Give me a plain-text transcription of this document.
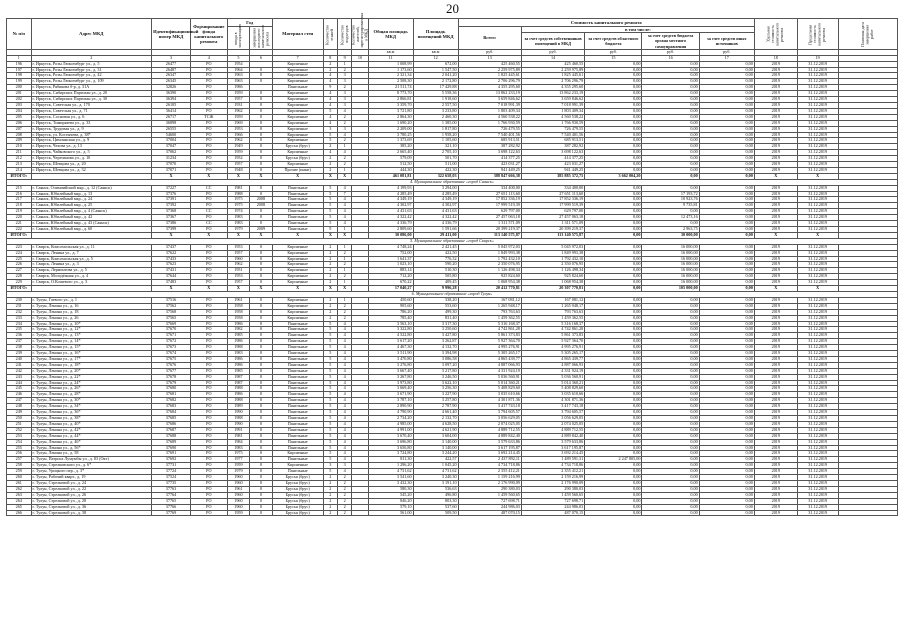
20
№ п/п	Адрес МКД	Идентификационный номер МКД	Формирование фонда капитального ремонта	Год		Материал стен	Количество этажей	Количество подъездов	Количество жителей, зарегистрированных в МКД	Общая площадь МКД	Площадь помещений МКД	Стоимость капитального ремонта					Удельная стоимость капитального ремонта	Предельная стоимость капитального ремонта	Плановая дата завершения работ
				ввода в эксплуатацию	завершения последнего капитального ремонта							Всего:	в том числе:						
													за счет средств собственников помещений в МКД	за счет средств областного бюджета	за счет средств бюджета органа местного самоуправления	за счет средств иных источников			
										кв.м	кв.м	руб.	руб.	руб.	руб.	руб.			
1	2	3	4	5	6	7	8	9	10	11	12	13	14	15	16	17	18	19	
196	г. Иркутск, Розы Люксембург ул., д. 5	26477	РО	1954		Кирпичные	2	1		1 008,99	672,00	425 460,55	425 460,55	0,00	0,00	0,00	2019	31.12.2019	
197	г. Иркутск, Розы Люксембург ул., д. 31	26487	РО	1964	0	Кирпичные	2	2		1 173,60	1 547,50	2 259 975,89	2 259 975,89	0,00	0,00	0,00	2019	31.12.2019	
198	г. Иркутск, Розы Люксембург ул., д. 42	26347	РО	1963	0	Кирпичные	4	3		2 321,34	2 041,20	1 825 445,61	1 825 445,61	0,00	0,00	0,00	2019	31.12.2019	
199	г. Иркутск, Розы Люксембург ул., д. 109	26345	РО	1963	0	Кирпичные	4	3		2 508,30	2 172,80	2 706 296,79	2 706 296,79	0,00	0,00	0,00	2019	31.12.2019	
200	г. Иркутск, Рябикова б-р, д. 31А	32826	РО	1986		Панельные	9	2		21 511,74	17 429,88	4 355 295,60	4 355 295,60	0,00	0,00	0,00	2019	31.12.2019	
201	г. Иркутск, Сибирских Партизан ул., д. 20	36390	РО	1959	0	Кирпичные	4	3		8 773,70	5 558,36	13 862 233,19	13 862 233,19	0,00	0,00	0,00	2019	31.12.2019	
202	г. Иркутск, Сибирских Партизан ул., д. 30	36394	РО	1957	0	Кирпичные	4	3		2 866,81	1 918,60	3 659 846,62	3 659 846,62	0,00	0,00	0,00	2019	31.12.2019	
203	г. Иркутск, Советская ул., д. 170	26105	РО	1931	0	Кирпичные	4	3		3 359,70	2 557,50	7 018 991,39	7 018 991,39	0,00	0,00	0,00	2019	31.12.2019	
204	г. Иркутск, Советская ул., д. 71	36414	РО	1962	0	Кирпичные	5	4		3 721,80	3 233,80	1 803 409,34	1 803 409,34	0,00	0,00	0,00	2019	31.12.2019	
205	г. Иркутск, Сосновая ул., д. 6	26717	ТСЖ	1959	0	Кирпичные	4	2		2 864,30	2 460,30	4 560 538,22	4 560 538,22	0,00	0,00	0,00	2019	31.12.2019	
206	г. Иркутск, Тимирязева ул., д. 33	36898	РО	1969	0	Кирпичные	4	2		1 690,20	1 385,00	1 766 930,59	1 766 930,59	0,00	0,00	0,00	2019	31.12.2019	
207	г. Иркутск, Трудовая ул., д. 9	26555	РО	1953	0	Кирпичные	3	3		2 209,00	1 817,80	726 479,55	726 479,55	0,00	0,00	0,00	2019	31.12.2019	
208	г. Иркутск, ул. Костычева, д. 38*	54600	РО	1966	0	Кирпичные	5	4		3 780,25	1 958,20	7 540 401,56	7 540 401,56	0,00	0,00	0,00	2019	31.12.2019	
209	г. Иркутск, Цимлянская ул., д. 9	37004	РО	1962	0	Кирпичные	5	2		1 373,69	1 105,60	685 913,51	685 913,51	0,00	0,00	0,00	2019	31.12.2019	
210	г. Иркутск, Чехова ул., д. 13	37047	РО	1949	0	Брусья (брус)	2	1		385,20	321,10	387 282,92	387 282,92	0,00	0,00	0,00	2019	31.12.2019	
211	г. Иркутск, Чайковского ул., д. 5	37062	РО	1959	0	Кирпичные	4	4		2 665,40	2 705,10	3 698 122,63	3 698 122,63	0,00	0,00	0,00	2019	31.12.2019	
212	г. Иркутск, Черепанова ул., д. 10	31234	РО	1952	0	Брусья (брус)	2	2		579,09	501,70	414 377,25	414 377,25	0,00	0,00	0,00	2019	31.12.2019	
213	г. Иркутск, Шевцова ул., д. 20	37070	РО	1957	0	Кирпичные	2	2		512,50	511,00	423 031,27	423 031,27	0,00	0,00	0,00	2019	31.12.2019	
214	г. Иркутск, Шевцова ул., д. 32	37071	РО	1948	0	Прочие (иные)	2	1		444,30	422,30	941 449,25	941 449,25	0,00	0,00	0,00	2019	31.12.2019	
ИТОГО:		X	X	X	X	X	X	X		461 081,81	322 658,03	388 847 666,38	385 885 372,75	3 662 004,20	0,00	0,00	X	X	
4. Муниципальное образование «город Саянск»																			
215	г. Саянск, Олимпийский мкр., д. 12 (Саянск)	37227	СС	1981	0	Панельные	5	4		4 199,93	3 294,00	334 400,00	334 400,00	0,00	0,00	0,00	2019	31.12.2019	
216	г. Саянск, Юбилейный мкр., д. 13	37376	РО	1988	0	Панельные	5	7		4 285,49	4 285,49	27 651 113,60	27 651 113,60	0,00	17 193,72	0,00	2019	31.12.2019	
217	г. Саянск, Юбилейный мкр., д. 24	37391	РО	1975	2008	Панельные	5	4		4 349,19	4 349,19	17 852 336,19	17 852 336,19	0,00	10 923,76	0,00	2019	31.12.2019	
218	г. Саянск, Юбилейный мкр., д. 25	37392	РО	1975	2008	Панельные	5	4		4 302,97	4 302,97	17 999 519,39	17 999 519,39	0,00	9 735,81	0,00	2019	31.12.2019	
219	г. Саянск, Юбилейный мкр., д. 4 (Саянск)	37368	СС	1974	0	Панельные	5	4		4 431,63	4 431,63	629 797,00	629 797,00	0,00	0,00	0,00	2019	31.12.2019	
220	г. Саянск, Юбилейный мкр., д. 42	37367	РО	1983	0	Панельные	5	4		4 322,42	4 322,42	27 457 063,18	27 457 063,18	0,00	12 473,16	0,00	2019	31.12.2019	
221	г. Саянск, Юбилейный мкр., д. 43 (Саянск)	37386	СС	1983	0	Панельные	5	4		4 336,79	4 336,79	1 311 571,09	1 311 571,09	0,00	0,00	0,00	2019	31.12.2019	
222	г. Саянск, Юбилейный мкр., д. 60	37399	РО	1979	2009	Панельные	9	1		2 809,60	1 591,66	20 399 219,37	20 399 219,37	0,00	2 963,75	0,00	2019	31.12.2019	
ИТОГО:		X	X	X	X	X	X	X		30 086,00	29 411,00	113 140 575,87	113 140 575,87	0,00	30 000,00	0,00	X	X	
5. Муниципальное образование «город Свирск»																			
223	г. Свирск, Комсомольская ул., д. 11	37437	РО	1953	0	Кирпичные	2	1		4 748,24	2 421,45	5 045 972,03	5 045 972,03	0,00	16 000,00	0,00	2019	31.12.2019	
224	г. Свирск, Ленина ул., д. 7	37622	РО	1957	0	Кирпичные	2	2		752,00	422,50	1 849 993,38	1 849 993,38	0,00	16 000,00	0,00	2019	31.12.2019	
225	г. Свирск, Комсомольская ул., д. 5	37433	РО	1960	0	Кирпичные	2	1		1 641,37	776,32	1 792 432,10	1 792 432,10	0,00	16 000,00	0,00	2019	31.12.2019	
226	г. Свирск, Ленина ул., д. 3	37623	РО	1962	0	Кирпичные	2	2		1 023,10	590,20	2 350 076,95	2 350 076,95	0,00	16 000,00	0,00	2019	31.12.2019	
227	г. Свирск, Лермонтова ул., д. 5	37431	РО	1951	0	Кирпичные	2	1		883,14	510,30	1 126 498,34	1 126 498,34	0,00	16 000,00	0,00	2019	31.12.2019	
228	г. Свирск, Молодёжная ул., д. 4	37644	РО	1953	0	Кирпичные	2	2		712,20	505,80	925 824,60	925 824,60	0,00	16 000,00	0,00	2019	31.12.2019	
229	г. Свирск, О.Кошевого ул., д. 3	37483	РО	1957	0	Кирпичные	2	1		670,22	409,45	1 068 954,38	1 068 954,38	0,00	16 000,00	0,00	2019	31.12.2019	
ИТОГО:		X	X	X	X	X	X	X		17 040,27	9 996,28	20 412 770,81	20 307 770,81	0,00	105 000,00	0,00	X	X	
6. Муниципальное образование «город Тулун»																			
230	г. Тулун, Гаевого ул., д. 1	37516	РО	1961	0	Кирпичные	2	1		450,60	338,20	167 081,12	167 081,12	0,00	0,00	0,00	2019	31.12.2019	
231	г. Тулун, Ленина ул., д. 16	37562	РО	1958	0	Кирпичные	2	2		905,60	553,60	1 265 948,17	1 265 948,17	0,00	0,00	0,00	2019	31.12.2019	
232	г. Тулун, Ленина ул., д. 18	37568	РО	1958	0	Кирпичные	2	2		786,20	499,30	793 763,63	793 763,63	0,00	0,00	0,00	2019	31.12.2019	
233	г. Тулун, Ленина ул., д. 26	37565	РО	1958	0	Кирпичные	2	2		785,40	831,40	1 459 362,55	1 459 362,55	0,00	0,00	0,00	2019	31.12.2019	
234	г. Тулун, Ленина ул., д. 10*	37669	РО	1986	0	Панельные	5	4		3 563,10	3 317,30	5 316 168,37	5 316 168,37	0,00	0,00	0,00	2019	31.12.2019	
235	г. Тулун, Ленина ул., д. 12*	37670	РО	1982	0	Панельные	5	4		3 322,80	3 250,60	4 742 861,28	4 742 861,28	0,00	0,00	0,00	2019	31.12.2019	
236	г. Тулун, Ленина ул., д. 13*	37671	РО	1985	0	Панельные	5	4		4 522,80	3 427,80	5 861 373,83	5 861 373,83	0,00	0,00	0,00	2019	31.12.2019	
237	г. Тулун, Ленина ул., д. 14*	37672	РО	1986	0	Панельные	5	4		3 617,20	3 262,87	5 927 364,70	5 927 364,70	0,00	0,00	0,00	2019	31.12.2019	
238	г. Тулун, Ленина ул., д. 15*	37673	РО	1988	0	Панельные	5	4		4 467,30	4 132,70	4 995 276,91	4 995 276,91	0,00	0,00	0,00	2019	31.12.2019	
239	г. Тулун, Ленина ул., д. 16*	37674	РО	1983	0	Панельные	5	4		3 511,90	3 394,98	5 305 265,17	5 305 265,17	0,00	0,00	0,00	2019	31.12.2019	
240	г. Тулун, Ленина ул., д. 17*	37675	РО	1986	0	Панельные	5	4		3 470,80	3 086,58	4 865 439,77	4 865 439,77	0,00	0,00	0,00	2019	31.12.2019	
241	г. Тулун, Ленина ул., д. 18*	37676	РО	1986	0	Панельные	5	4		3 276,80	3 097,20	4 887 066,93	4 887 066,93	0,00	0,00	0,00	2019	31.12.2019	
242	г. Тулун, Ленина ул., д. 20*	37677	РО	1985	0	Панельные	5	4		3 667,40	3 217,80	4 331 924,19	4 331 924,19	0,00	0,00	0,00	2019	31.12.2019	
243	г. Тулун, Ленина ул., д. 22*	37678	РО	1987	0	Панельные	5	4		3 267,80	3 246,50	5 036 560,91	5 036 560,91	0,00	0,00	0,00	2019	31.12.2019	
244	г. Тулун, Ленина ул., д. 24*	37679	РО	1987	0	Панельные	5	4		3 973,80	3 622,10	5 014 360,21	5 014 360,21	0,00	0,00	0,00	2019	31.12.2019	
245	г. Тулун, Ленина ул., д. 26*	37680	РО	1988	0	Панельные	5	4		3 669,40	3 256,30	5 408 829,60	5 408 829,60	0,00	0,00	0,00	2019	31.12.2019	
246	г. Тулун, Ленина ул., д. 28*	37681	РО	1986	0	Панельные	5	4		3 671,90	3 227,90	3 035 610,66	3 035 610,66	0,00	0,00	0,00	2019	31.12.2019	
247	г. Тулун, Ленина ул., д. 30*	37682	РО	1988	0	Панельные	5	4		3 787,10	3 257,80	4 301 871,36	4 301 871,36	0,00	0,00	0,00	2019	31.12.2019	
248	г. Тулун, Ленина ул., д. 34*	37683	РО	1989	0	Панельные	5	4		2 890,90	2 787,90	3 417 743,18	3 417 743,18	0,00	0,00	0,00	2019	31.12.2019	
249	г. Тулун, Ленина ул., д. 36*	37684	РО	1990	0	Панельные	5	4		4 790,90	4 661,40	3 794 605,57	3 794 605,57	0,00	0,00	0,00	2019	31.12.2019	
250	г. Тулун, Ленина ул., д. 38*	37685	РО	1988	0	Панельные	5	4		2 734,20	2 132,70	3 056 629,05	3 056 629,05	0,00	0,00	0,00	2019	31.12.2019	
251	г. Тулун, Ленина ул., д. 40*	37686	РО	1990	0	Панельные	5	4		4 985,00	4 628,50	2 074 025,05	2 074 025,05	0,00	0,00	0,00	2019	31.12.2019	
252	г. Тулун, Ленина ул., д. 42*	37687	РО	1991	0	Панельные	5	4		4 991,00	4 621,90	4 889 712,55	4 889 712,55	0,00	0,00	0,00	2019	31.12.2019	
253	г. Тулун, Ленина ул., д. 44*	37688	РО	1981	0	Панельные	5	4		3 670,40	3 604,00	4 889 842,40	4 889 842,40	0,00	0,00	0,00	2019	31.12.2019	
254	г. Тулун, Ленина ул., д. 46*	37689	РО	1984	0	Панельные	5	4		3 696,80	3 140,00	3 579 633,86	3 579 633,86	0,00	0,00	0,00	2019	31.12.2019	
255	г. Тулун, Ленина ул., д. 56*	37690	РО	1983	0	Панельные	5	4		3 656,80	3 140,00	3 617 195,87	3 617 195,87	0,00	0,00	0,00	2019	31.12.2019	
256	г. Тулун, Ленина ул., д. 58	37691	РО	1975	0	Кирпичные	5	4		3 724,80	3 244,20	3 692 214,45	3 692 214,45	0,00	0,00	0,00	2019	31.12.2019	
257	г. Тулун, Патриса Лумумбы ул., д. 83 (Окт)	37692	РО	1977	0	Панельные	5	4		811,30	422,57	2 437 892,11	1 489 591,31	2 247 805,00	0,00	0,00	2019	31.12.2019	
258	г. Тулун, Стрелковского ул., д. 6*	37731	РО	1959	0	Кирпичные	3	3		1 296,20	1 045,20	4 734 718,86	4 734 718,86	0,00	0,00	0,00	2019	31.12.2019	
259	г. Тулун, Урицкого пер., д. 3*	37724	РО	1979	0	Панельные	5	4		4 731,62	4 731,62	2 355 412,21	2 355 412,21	0,00	0,00	0,00	2019	31.12.2019	
260	г. Тулун, Рабочий кварт., д. 19	37524	РО	1960	0	Брусья (брус)	2	2		3 541,60	3 240,30	1 159 216,99	2 159 216,99	0,00	0,00	0,00	2019	31.12.2019	
261	г. Тулун, Стрелковой ул., д. 24	37735	РО	1960	0	Брусья (брус)	2	2		3 432,30	3 191,10	2 176 990,09	2 176 990,09	0,00	0,00	0,00	2019	31.12.2019	
262	г. Тулун, Стрелковой ул., д. 22	37763	РО	1961	0	Брусья (брус)	2	2		580,30	536,63	290 380,03	290 380,03	0,00	0,00	0,00	2019	31.12.2019	
263	г. Тулун, Стрелковой ул., д. 26	37764	РО	1960	0	Брусья (брус)	2	2		545,20	496,80	1 459 560,65	1 459 560,65	0,00	0,00	0,00	2019	31.12.2019	
264	г. Тулун, Стрелковой ул., д. 28	37765	РО	1960	0	Брусья (брус)	2	2		846,20	803,30	727 698,71	727 698,71	0,00	0,00	0,00	2019	31.12.2019	
265	г. Тулун, Стрелковой ул., д. 36	37766	РО	1960	0	Брусья (брус)	2	2		579,10	537,60	244 986,03	244 986,03	0,00	0,00	0,00	2019	31.12.2019	
266	г. Тулун, Стрелковой ул., д. 38	37769	РО	1959	0	Брусья (брус)	2	2		561,00	509,50	487 070,15	487 070,15	0,00	0,00	0,00	2019	31.12.2019	
